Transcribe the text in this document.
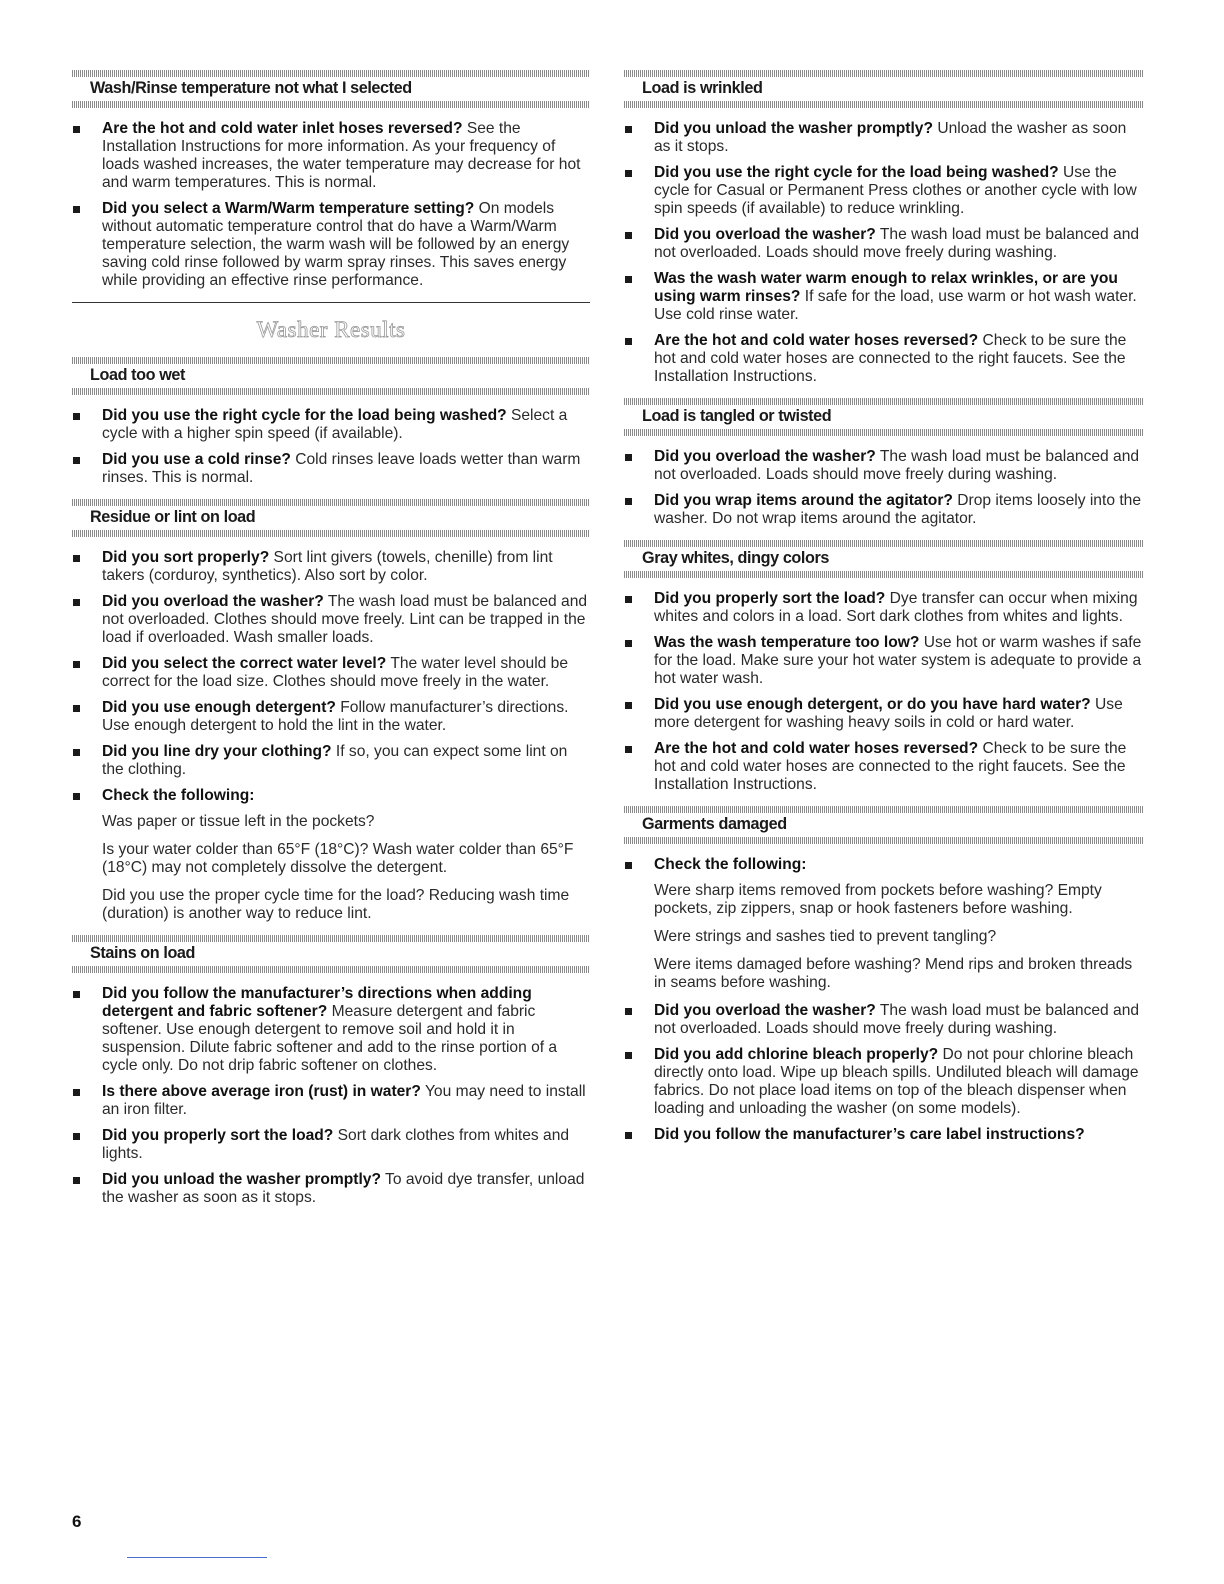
Wash/Rinse temperature not what I selected
Are the hot and cold water inlet hoses reversed? See the Installation Instructions for more information. As your frequency of loads washed increases, the water temperature may decrease for hot and warm temperatures. This is normal.
Did you select a Warm/Warm temperature setting? On models without automatic temperature control that do have a Warm/Warm temperature selection, the warm wash will be followed by an energy saving cold rinse followed by warm spray rinses. This saves energy while providing an effective rinse performance.
Washer Results
Load too wet
Did you use the right cycle for the load being washed? Select a cycle with a higher spin speed (if available).
Did you use a cold rinse? Cold rinses leave loads wetter than warm rinses. This is normal.
Residue or lint on load
Did you sort properly? Sort lint givers (towels, chenille) from lint takers (corduroy, synthetics). Also sort by color.
Did you overload the washer? The wash load must be balanced and not overloaded. Clothes should move freely. Lint can be trapped in the load if overloaded. Wash smaller loads.
Did you select the correct water level? The water level should be correct for the load size. Clothes should move freely in the water.
Did you use enough detergent? Follow manufacturer’s directions. Use enough detergent to hold the lint in the water.
Did you line dry your clothing? If so, you can expect some lint on the clothing.
Check the following:

Was paper or tissue left in the pockets?

Is your water colder than 65°F (18°C)? Wash water colder than 65°F (18°C) may not completely dissolve the detergent.

Did you use the proper cycle time for the load? Reducing wash time (duration) is another way to reduce lint.

Stains on load
Did you follow the manufacturer’s directions when adding detergent and fabric softener? Measure detergent and fabric softener. Use enough detergent to remove soil and hold it in suspension. Dilute fabric softener and add to the rinse portion of a cycle only. Do not drip fabric softener on clothes.
Is there above average iron (rust) in water? You may need to install an iron filter.
Did you properly sort the load? Sort dark clothes from whites and lights.
Did you unload the washer promptly? To avoid dye transfer, unload the washer as soon as it stops.
Load is wrinkled
Did you unload the washer promptly? Unload the washer as soon as it stops.
Did you use the right cycle for the load being washed? Use the cycle for Casual or Permanent Press clothes or another cycle with low spin speeds (if available) to reduce wrinkling.
Did you overload the washer? The wash load must be balanced and not overloaded. Loads should move freely during washing.
Was the wash water warm enough to relax wrinkles, or are you using warm rinses? If safe for the load, use warm or hot wash water. Use cold rinse water.
Are the hot and cold water hoses reversed? Check to be sure the hot and cold water hoses are connected to the right faucets. See the Installation Instructions.
Load is tangled or twisted
Did you overload the washer? The wash load must be balanced and not overloaded. Loads should move freely during washing.
Did you wrap items around the agitator? Drop items loosely into the washer. Do not wrap items around the agitator.
Gray whites, dingy colors
Did you properly sort the load? Dye transfer can occur when mixing whites and colors in a load. Sort dark clothes from whites and lights.
Was the wash temperature too low? Use hot or warm washes if safe for the load. Make sure your hot water system is adequate to provide a hot water wash.
Did you use enough detergent, or do you have hard water? Use more detergent for washing heavy soils in cold or hard water.
Are the hot and cold water hoses reversed? Check to be sure the hot and cold water hoses are connected to the right faucets. See the Installation Instructions.
Garments damaged
Check the following:

Were sharp items removed from pockets before washing? Empty pockets, zip zippers, snap or hook fasteners before washing.

Were strings and sashes tied to prevent tangling?

Were items damaged before washing? Mend rips and broken threads in seams before washing.

Did you overload the washer? The wash load must be balanced and not overloaded. Loads should move freely during washing.
Did you add chlorine bleach properly? Do not pour chlorine bleach directly onto load. Wipe up bleach spills. Undiluted bleach will damage fabrics. Do not place load items on top of the bleach dispenser when loading and unloading the washer (on some models).
Did you follow the manufacturer’s care label instructions?
6
